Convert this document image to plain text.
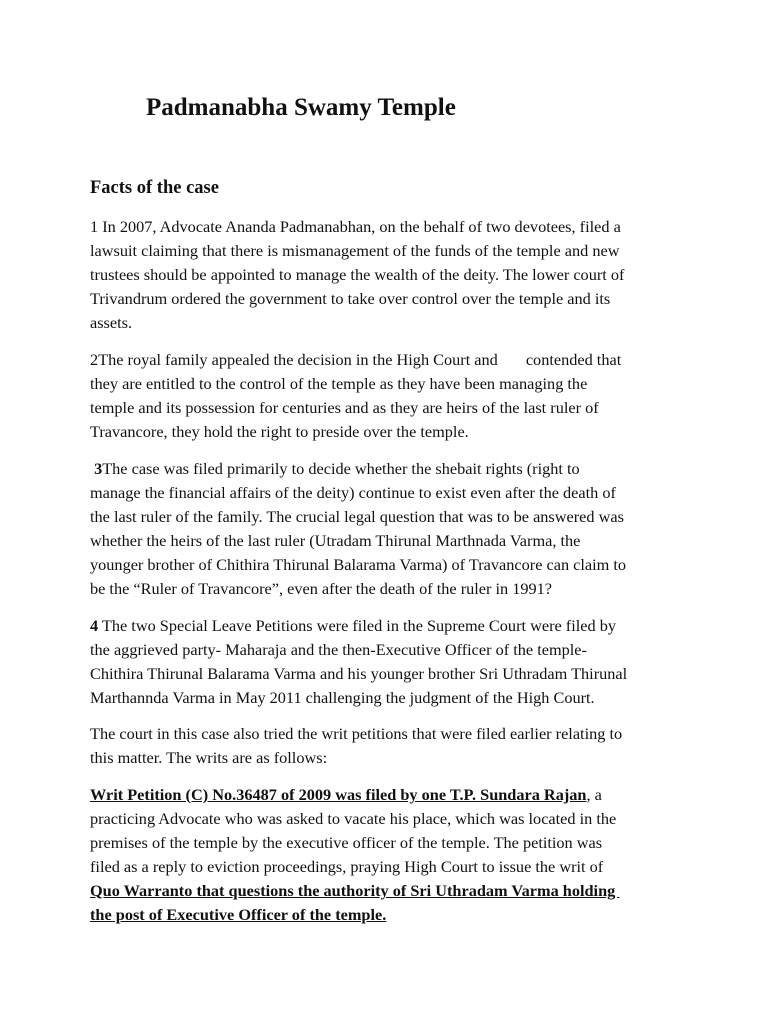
Padmanabha Swamy Temple
Facts of the case

1 In 2007, Advocate Ananda Padmanabhan, on the behalf of two devotees, filed a
lawsuit claiming that there is mismanagement of the funds of the temple and new
trustees should be appointed to manage the wealth of the deity. The lower court of
Trivandrum ordered the government to take over control over the temple and its
assets.

2The royal family appealed the decision in the High Court and contended that
they are entitled to the control of the temple as they have been managing the
temple and its possession for centuries and as they are heirs of the last ruler of
Travancore, they hold the right to preside over the temple.

3The case was filed primarily to decide whether the shebait rights (right to
manage the financial affairs of the deity) continue to exist even after the death of
the last ruler of the family. The crucial legal question that was to be answered was
whether the heirs of the last ruler (Utradam Thirunal Marthnada Varma, the
younger brother of Chithira Thirunal Balarama Varma) of Travancore can claim to
be the “Ruler of Travancore”, even after the death of the ruler in 1991?

4 The two Special Leave Petitions were filed in the Supreme Court were filed by
the aggrieved party- Maharaja and the then-Executive Officer of the temple-
Chithira Thirunal Balarama Varma and his younger brother Sri Uthradam Thirunal
Marthannda Varma in May 2011 challenging the judgment of the High Court.

The court in this case also tried the writ petitions that were filed earlier relating to
this matter. The writs are as follows:

Writ Petition (C) No.36487 of 2009 was filed by one T.P. Sundara Rajan, a
practicing Advocate who was asked to vacate his place, which was located in the
premises of the temple by the executive officer of the temple. The petition was
filed as a reply to eviction proceedings, praying High Court to issue the writ of
Quo Warranto that questions the authority of Sri Uthradam Varma holding
the post of Executive Officer of the temple.
